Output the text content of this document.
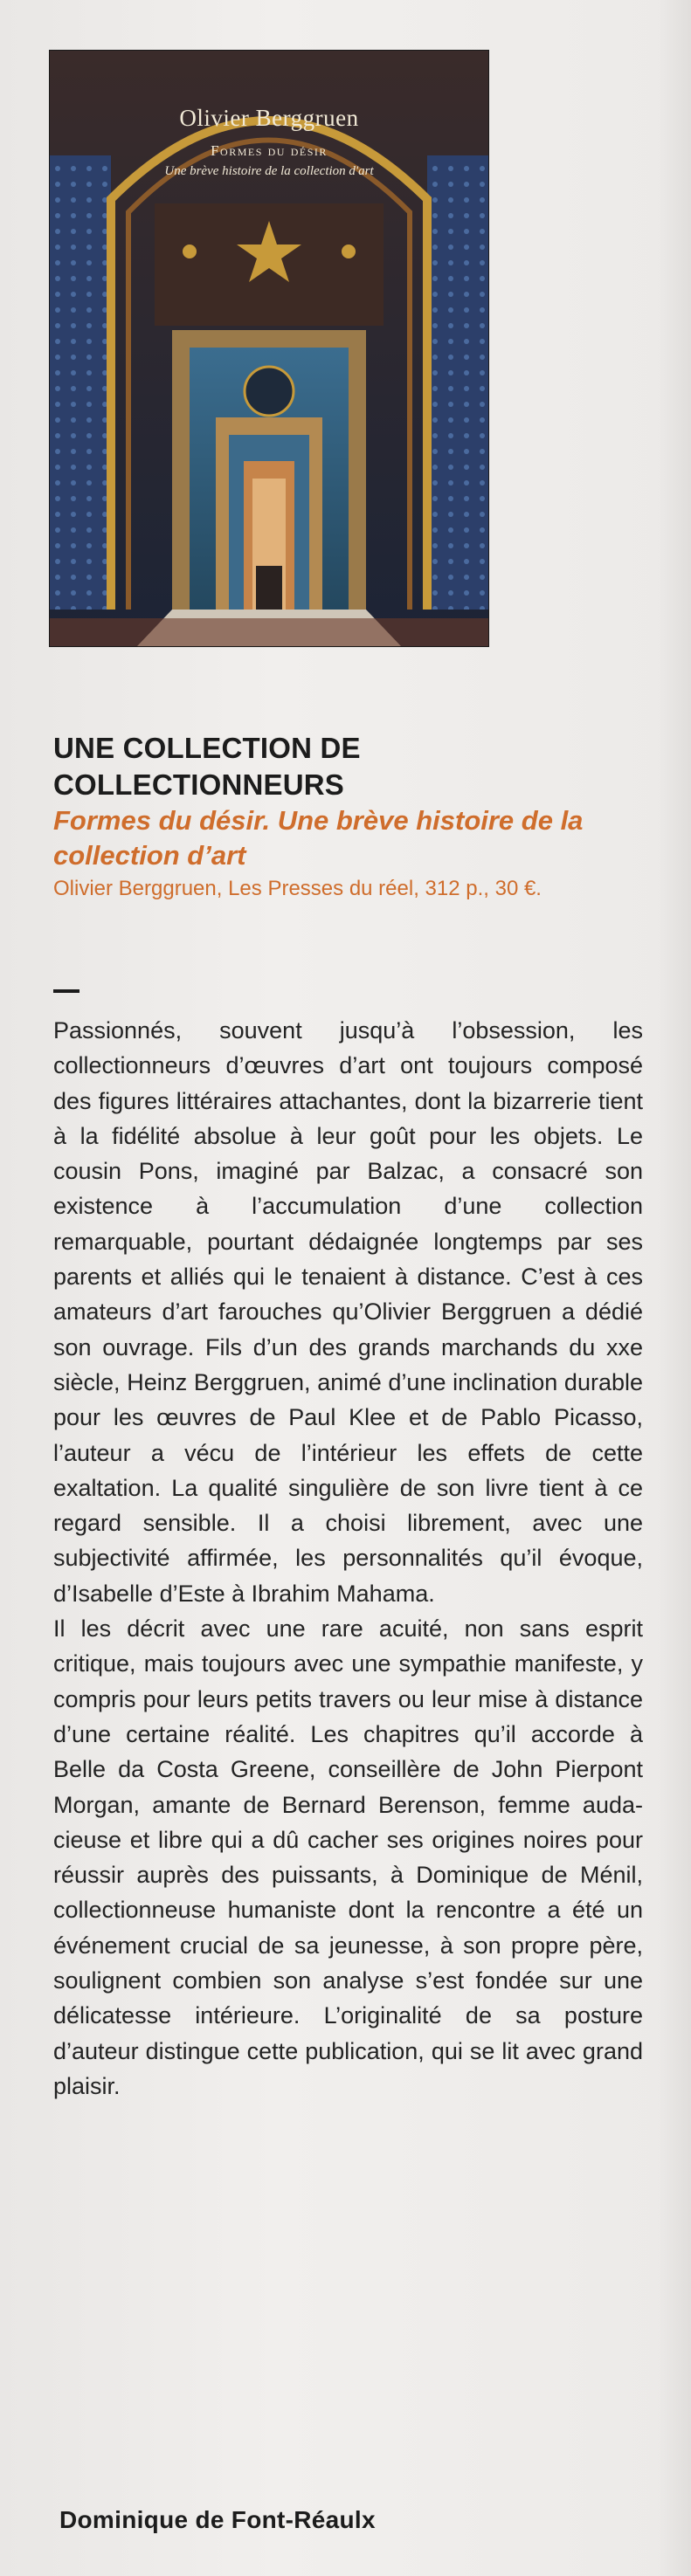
Olivier Berggruen
Formes du désir
Une brève histoire de la collection d'art
UNE COLLECTION DE COLLECTIONNEURS
Formes du désir. Une brève histoire de la collection d’art
Olivier Berggruen, Les Presses du réel, 312 p., 30 €.

Passionnés, souvent jusqu’à l’obsession, les collectionneurs d’œuvres d’art ont toujours composé des figures littéraires attachantes, dont la bizarrerie tient à la fidélité absolue à leur goût pour les objets. Le cousin Pons, imaginé par Balzac, a consacré son existence à l’accumulation d’une collection remarquable, pourtant dédaignée longtemps par ses parents et alliés qui le tenaient à distance. C’est à ces amateurs d’art farouches qu’Olivier Berggruen a dédié son ouvrage. Fils d’un des grands marchands du xxe siècle, Heinz Berggruen, animé d’une inclination durable pour les œuvres de Paul Klee et de Pablo Picasso, l’auteur a vécu de l’intérieur les effets de cette exaltation. La qualité singulière de son livre tient à ce regard sensible. Il a choisi librement, avec une subjectivité affirmée, les personnalités qu’il évoque, d’Isabelle d’Este à Ibrahim Mahama.

Il les décrit avec une rare acuité, non sans esprit critique, mais toujours avec une sympathie manifeste, y compris pour leurs petits travers ou leur mise à distance d’une certaine réalité. Les chapitres qu’il accorde à Belle da Costa Greene, conseillère de John Pierpont Morgan, amante de Bernard Berenson, femme audacieuse et libre qui a dû cacher ses origines noires pour réussir auprès des puissants, à Dominique de Ménil, collectionneuse humaniste dont la rencontre a été un événement crucial de sa jeunesse, à son propre père, soulignent combien son analyse s’est fondée sur une délicatesse intérieure. L’originalité de sa posture d’auteur distingue cette publication, qui se lit avec grand plaisir.

Dominique de Font-Réaulx
